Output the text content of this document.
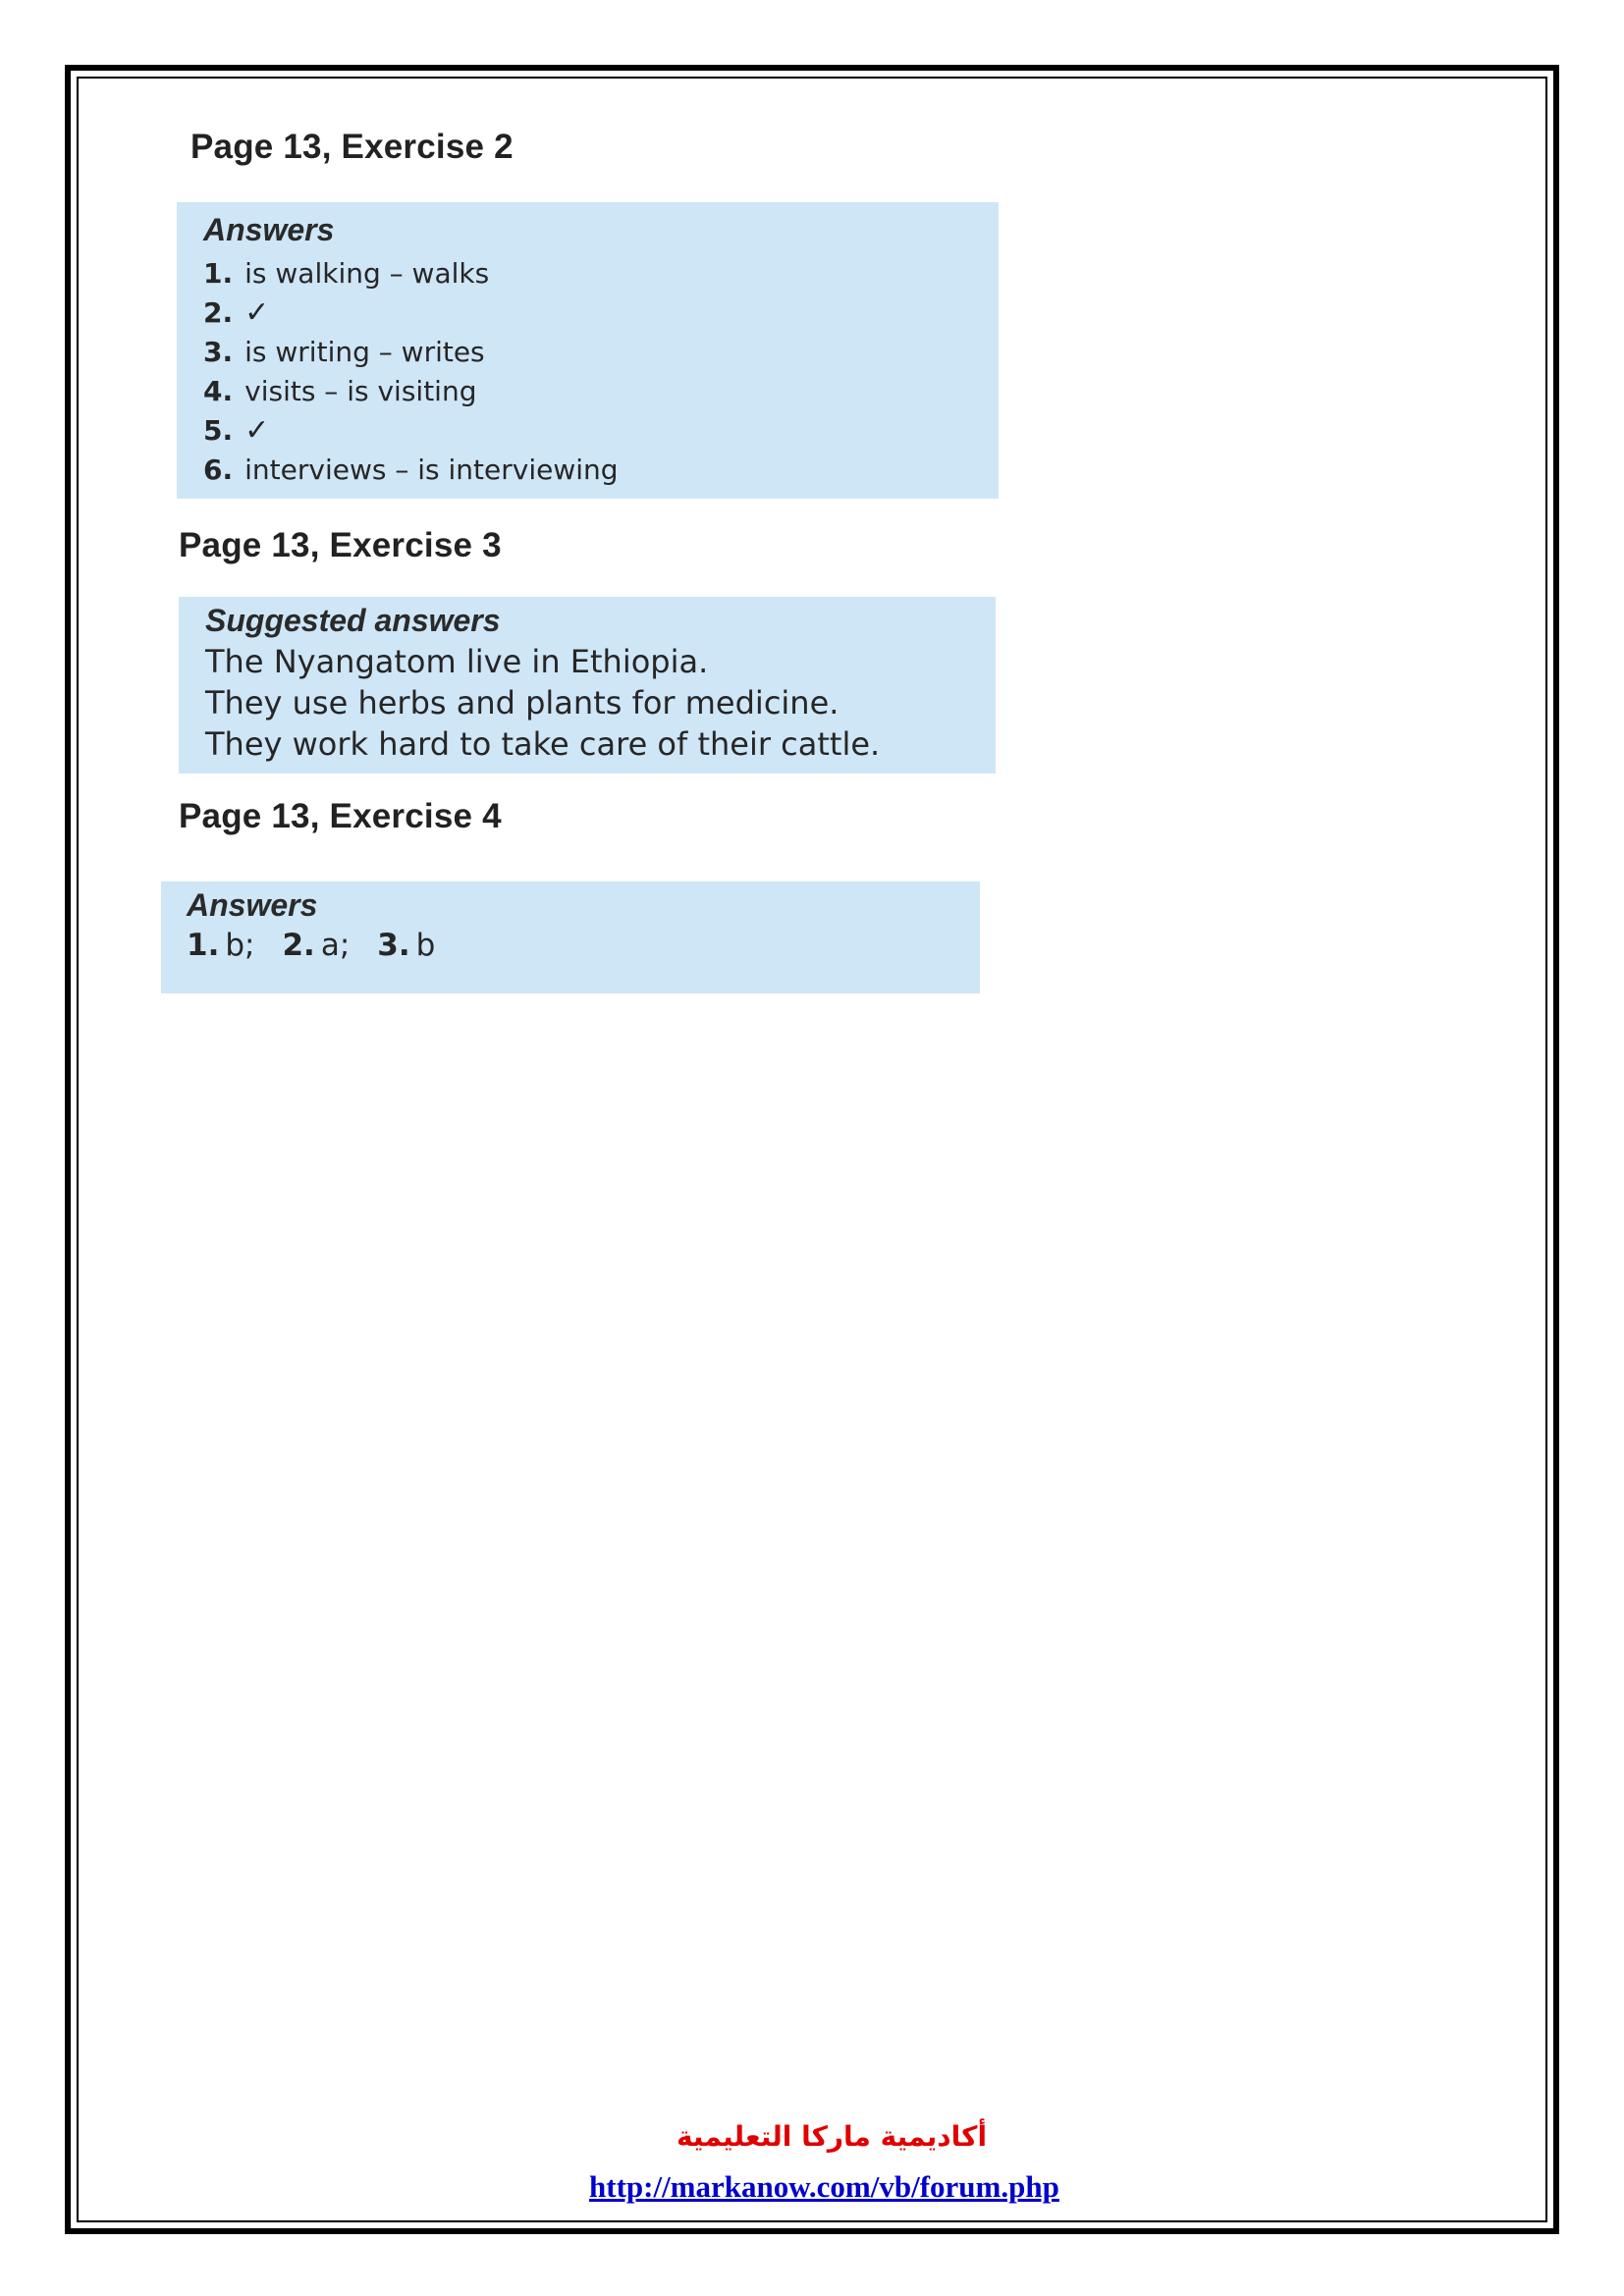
Page 13, Exercise 2
Answers
1. is walking – walks
2. ✓
3. is writing – writes
4. visits – is visiting
5. ✓
6. interviews – is interviewing
Page 13, Exercise 3
Suggested answers

The Nyangatom live in Ethiopia.

They use herbs and plants for medicine.

They work hard to take care of their cattle.

Page 13, Exercise 4
Answers
1. b; 2. a; 3. b
أكاديمية ماركا التعليمية
http://markanow.com/vb/forum.php
